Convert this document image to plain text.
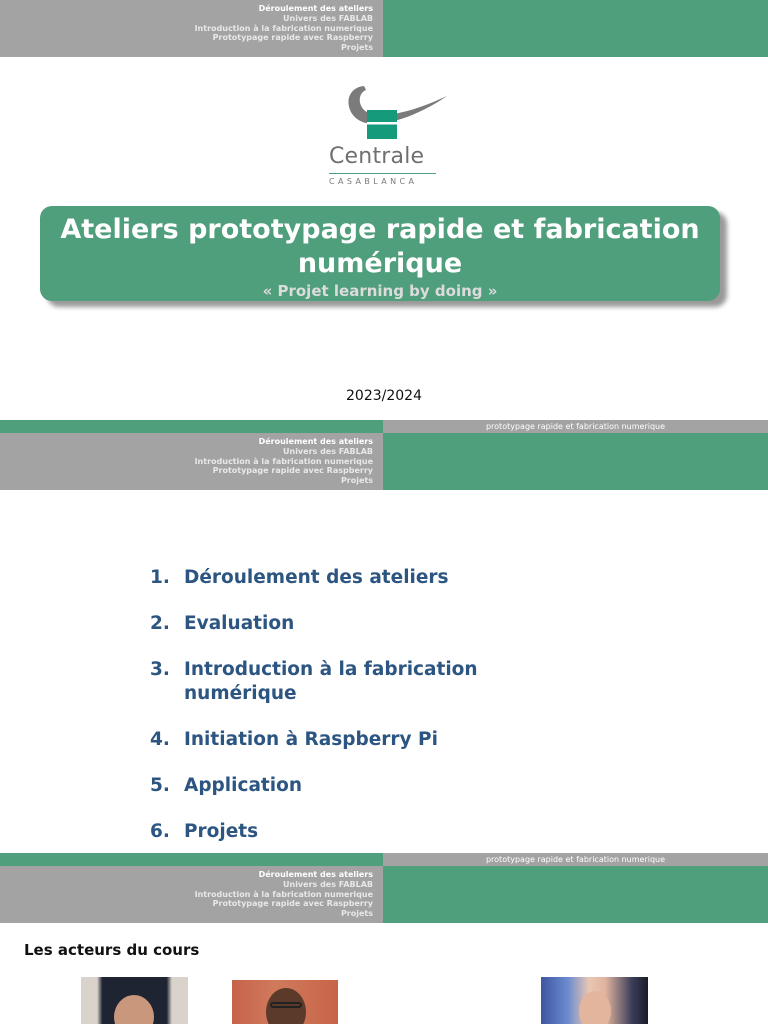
Déroulement des ateliers
Univers des FABLAB
Introduction à la fabrication numerique
Prototypage rapide avec Raspberry
Projets
Centrale
CASABLANCA
Ateliers prototypage rapide et fabrication numérique
« Projet learning by doing »
2023/2024
prototypage rapide et fabrication numerique
Déroulement des ateliers
Univers des FABLAB
Introduction à la fabrication numerique
Prototypage rapide avec Raspberry
Projets
1. Déroulement des ateliers
2. Evaluation
3. Introduction à la fabrication numérique
4. Initiation à Raspberry Pi
5. Application
6. Projets
prototypage rapide et fabrication numerique
Déroulement des ateliers
Univers des FABLAB
Introduction à la fabrication numerique
Prototypage rapide avec Raspberry
Projets
Les acteurs du cours
